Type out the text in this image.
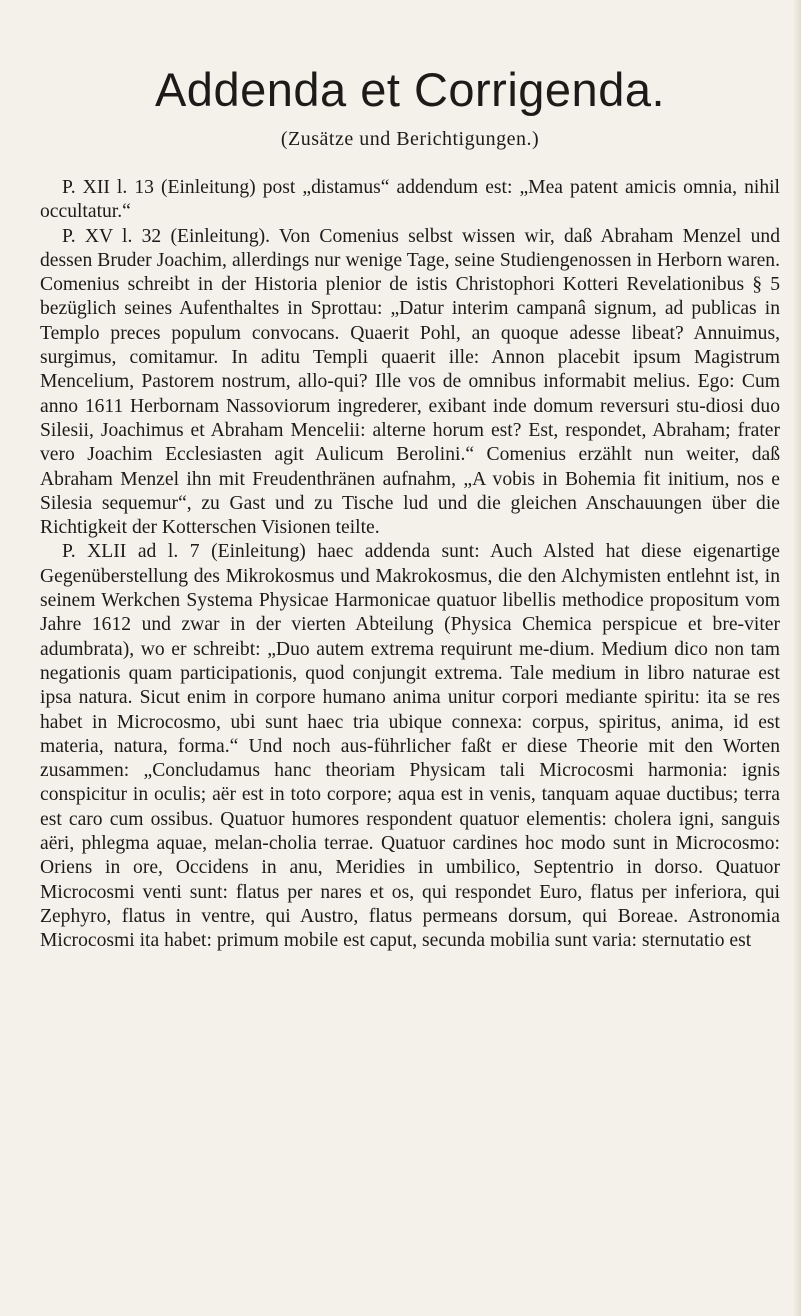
Addenda et Corrigenda.
(Zusätze und Berichtigungen.)

P. XII l. 13 (Einleitung) post „distamus“ addendum est: „Mea patent amicis omnia, nihil occultatur.“

P. XV l. 32 (Einleitung). Von Comenius selbst wissen wir, daß Abraham Menzel und dessen Bruder Joachim, allerdings nur wenige Tage, seine Studiengenossen in Herborn waren. Comenius schreibt in der Historia plenior de istis Christophori Kotteri Revelationibus § 5 bezüglich seines Aufenthaltes in Sprottau: „Datur interim campanâ signum, ad publicas in Templo preces populum convocans. Quaerit Pohl, an quoque adesse libeat? Annuimus, surgimus, comitamur. In aditu Templi quaerit ille: Annon placebit ipsum Magistrum Mencelium, Pastorem nostrum, allo-qui? Ille vos de omnibus informabit melius. Ego: Cum anno 1611 Herbornam Nassoviorum ingrederer, exibant inde domum reversuri stu-diosi duo Silesii, Joachimus et Abraham Mencelii: alterne horum est? Est, respondet, Abraham; frater vero Joachim Ecclesiasten agit Aulicum Berolini.“ Comenius erzählt nun weiter, daß Abraham Menzel ihn mit Freudenthränen aufnahm, „A vobis in Bohemia fit initium, nos e Silesia sequemur“, zu Gast und zu Tische lud und die gleichen Anschauungen über die Richtigkeit der Kotterschen Visionen teilte.

P. XLII ad l. 7 (Einleitung) haec addenda sunt: Auch Alsted hat diese eigenartige Gegenüberstellung des Mikrokosmus und Makrokosmus, die den Alchymisten entlehnt ist, in seinem Werkchen Systema Physicae Harmonicae quatuor libellis methodice propositum vom Jahre 1612 und zwar in der vierten Abteilung (Physica Chemica perspicue et bre-viter adumbrata), wo er schreibt: „Duo autem extrema requirunt me-dium. Medium dico non tam negationis quam participationis, quod conjungit extrema. Tale medium in libro naturae est ipsa natura. Sicut enim in corpore humano anima unitur corpori mediante spiritu: ita se res habet in Microcosmo, ubi sunt haec tria ubique connexa: corpus, spiritus, anima, id est materia, natura, forma.“ Und noch aus-führlicher faßt er diese Theorie mit den Worten zusammen: „Concludamus hanc theoriam Physicam tali Microcosmi harmonia: ignis conspicitur in oculis; aër est in toto corpore; aqua est in venis, tanquam aquae ductibus; terra est caro cum ossibus. Quatuor humores respondent quatuor elementis: cholera igni, sanguis aëri, phlegma aquae, melan-cholia terrae. Quatuor cardines hoc modo sunt in Microcosmo: Oriens in ore, Occidens in anu, Meridies in umbilico, Septentrio in dorso. Quatuor Microcosmi venti sunt: flatus per nares et os, qui respondet Euro, flatus per inferiora, qui Zephyro, flatus in ventre, qui Austro, flatus permeans dorsum, qui Boreae. Astronomia Microcosmi ita habet: primum mobile est caput, secunda mobilia sunt varia: sternutatio est
